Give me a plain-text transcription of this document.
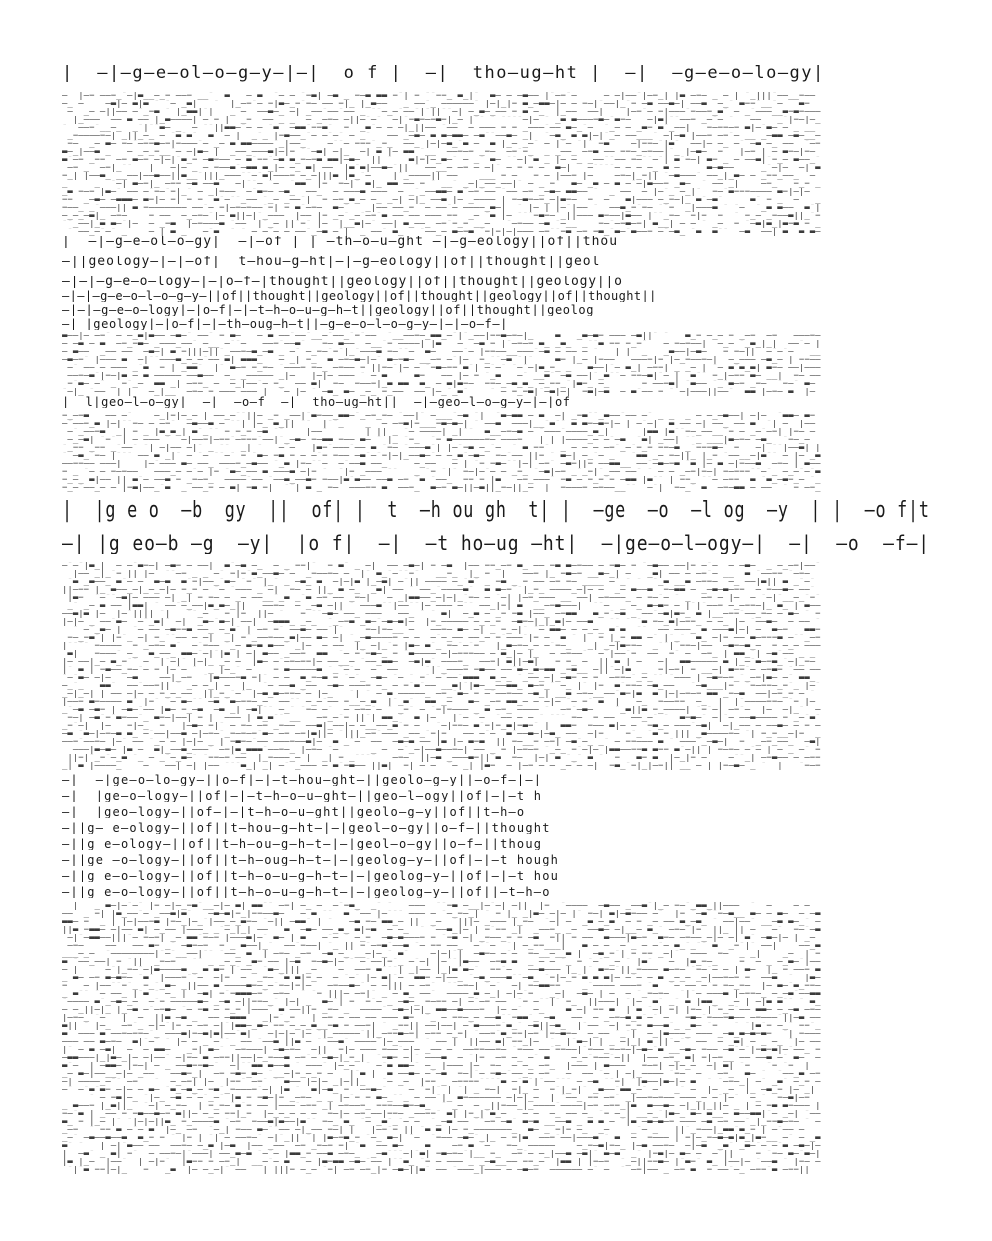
|  —|—g—e—ol—o—g—y—|—|  o f |  —|  tho—ug—ht |  —|  —g—e—o—lo—gy|
—‾ |—− ——−_¯—|▬__—_−‾——−‾__¯‾ ▬   — ▬ ‾¯— — ¯−▬| —▬ _‾−—▬ ▬▬ −¯| − ¯¯−−_‾▬_|¯  ▬— — —▬——‾|¯—−¯—‾    — —|——¯|—−_| |▬ —−—‾_‾— |‾¯_|||¯——__−——‾
—_ —  ‾‾—▬|— ▬|▬ ¯ ¯— _▬| ‾‾¯ ‾|_—−¯—‾−|▬—_−¯−— —— −|_ |_▬—— ‾‾_‾——¯_ ——————¯‾|—|_|−‾▬_—▬▬—|—‾—‾−—|¯——|_¯−‾—▬ ——▬—|‾——▬ ‾—_¯ ▬−−¯__¯—  ‾▬−‾‾
—  _—‾—||——‾—¯_−▬ ¯ |_▬▬|¯|   _ — ‾——▬—_ —|‾_——¯——¯—— _‾¯¯—_—¯——¯|¯||¯¯—| —_▬—_——‾− ▬ —_  |_——‾‾——|‾ ‾ |—−¯— −|———¯−——−_▬¯‾—‾_¯———__▬−▬−———
|_———  —— ▬ ——‾|_▬————| — − |  _−  ——‾_ _  — _—−— —||—¯—¯  —|¯−▬−—−▬−|_— |¯¯‾¯ ¯¯¯¯—|— ¯ _▬ ▬———−▬—¯▬−—   —|▬|¯¯——− _—¯— ¯‾ ‾——   _¯|−—|—_
¯‾ ——−¯__—_‾ _¯|¯¯▬— _‾ —‾¯¯||▬▬—¯— — ¯▬  —▬▬¯−−▬¯ ‾− ‾_▬¯— — —|_||—— ¯—— ‾—‾———‾− − _———¯—— ▬—_¯—‾‾¯_— — _▬−‾▬¯_——|  ‾−—−−—− ▬|—¯▬— —‾_ __
_−————−—| _||_—_ — ¯▬¯▬¯  ▬ ‾—‾|‾‾_¯_ |−▬——_¯— —¯—¯‾—‾_¯ ‾‾—— _—▬— ▬ ▬—▬▬— —▬¯¯——▬— _|‾ ¯—▬_ ▬ ▬|—|¯_—‾——___¯‾—|—▬ |——−‾—−¯—‾__‾_—▬▬ —▬—__—
−— ‾_— ▬— −—¯—−−▬—−|−———¯— _— ▬ ▬▬————¯_|——_‾  ‾—¯¯— −−−¯_−_  ——_‾|—|—▬_¯▬ —  ▬ |_— _—¯‾— |¯— ¯|¯ −▬‾ ‾ —|−−—¯|▬¯  ——|—‾—_ —¯ —▬ —_‾——  ¯—−
▬—_|——▬‾_ ‾ — _—_−__¯— —|▬— |  _——_———▬|—|−‾¯¯—▬|‾—|_ ‾—| ▬‾|— ▬▬ ¯__  ——−—− _−—‾ —−¯−_  _‾_——_ —−▬‾—— −−—_—−——|¯_ |—▬—  −‾‾ |—−‾| —‾▬−—|−—
▬¯—−‾_−−  —− ▬—− —|—|¯▬_− —▬−—— — ▬¯−−¯—▬‾▬_−—−▬‾▬▬|—▬— ‾|| ¯‾  ▬|−|—_▬—¯‾— _¯ ▬—‾¯¯—|¯▬ _ |— —_ _——¯¯—— −—¯¯—¯| ▬¯−—|‾▬−‾_ —‾——▬|¯−_— ▬——_¯
—− _  —−|_¯¯  ‾| ‾ —|— _‾— −——▬¯—▬▬ ▬_|—‾—_‾▬| ——‾‾|▬¯▬|——▬—¯||‾¯ ——__— —−‾— —|¯ — − − —  ▬—| ‾‾—¯¯¯¯—‾— —‾—_ ▬ —‾    ▬—▬——‾  ‾ _¯—|—‾‾—|‾▬
−_|‾|——▬_ __——|——▬——||▬__¯|||_———¯¯—¯▬|———−‾—_—|||▬ |▬_¯—    |¯_————|| —— ‾‾ ___ − —   − — |——− |—‾ ‾ —−—|_−|| ¯—▬———¯ ——_|_▬— — _−−_——_‾ —‾
_   ‾ _‾ ¯—|‾▬—−|_ —−− —▬ ——▬   —|¯¯— ¯—  ¯▬▬‾ |−‾ −—|¯ ▬|_‾▬▬‾—— − ¯ __¯ _—|_——_——|¯ — _‾−¯ ‾▬— _▬ — ▬ —¯—|▬——− _▬— ‾¯ ——‾_|‾   —−_   −_− _
_▬‾−—−‾|▬—¯ —— —¯−—¯−|_¯ —‾_|−——‾ —¯▬−— —▬_‾‾——_  —‾———▬‾———  — _¯_——▬▬—‾▬¯—−¯—— ¯—— —− _—▬— ▬▬——‾¯  _ ——  — |—¯_‾—_|¯ ‾−—¯▬−−−———— ▬−|—|—
−−  _—▬— —▬▬▬—‾▬−|— −| −‾−‾ ▬¯—¯¯_—— ¯_— _——¯|‾‾− —−_▬_— —_‾_—| —|_‾——▬‾|— _————‾| −—▬−—−_—|▬−—  −‾ —   ▬|——— —_−—|_ ▬¯—▬¯     ▬¯‾−‾_‾ —   _
−——_‾_¯———|| ▬ −——————— ——¯—‾−|—−—−——¯−| −‾▬¯—−—  ▬—¯‾  _|—— ——_−‾‾—‾——¯— ————_▬—|  ¯ |— | |—¯|—— ¯ ‾——▬_−¯−— ¯¯− ‾_|———▬ ¯‾¯— ‾¯_▬ ▬—— ‾▬¯|
—_—_—▬|_ —−—‾ ‾‾−‾—— ‾—_—−—¯|— ▬||—|¯_———  |——‾|− _—¯_—¯—−¯▬ —— —— ——— −−  _— ¯▬‾|— ¯¯¯−▬−—¯_||———‾▬−——|▬—— |¯¯_−—  −|−‾‾−  ¯ −_—‾_−——▬||_¯−
¯¯_——|_▬ ▬—¯|—  — _−▬ ‾|—−———▬ ¯—— ‾|¯_—‾||¯−¯ |—  |__▬|—¯ ——| ▬_——_‾—−¯−_−‾__— ‾‾¯—−——‾—▬ ¯—__ ‾‾ −—¯—−▬—−|‾▬__| — —‾¯‾_— ‾− ¯—▬|▬_|▬−▬ − _
¯‾——_—¯—¯ _   ‾—‾| ▬ _   —¯▬‾ ¯‾¯ —‾—¯— — ——¯_—▬ —¯|  _‾——¯ ▬_   ¯——_— ▬—−▬‾¯−|−|—|——— —−¯¯−▬ —−‾−▬_¯▬—¯▬——−‾—¯—▬_ ¯▬  ▬¯¯‾ —▬‾ ——| ▬  ▬‾▬—
|  —|—g—e—ol—o—gy|  —|—of | | —th—o—u—ght —|—g—eology||of||thou
—||geology—|—|—of|  t—hou—g—ht|—|—g—eology||of||thought||geol
—|—|—g—e—o—logy—|—|o—f—|thought||geology||of||thought||geology||o
—|—|—g—e—o—l—o—g—y—||of||thought||geology||of||thought||geology||of||thought||
—|—|—g—e—o—logy|—|o—f|—|—t—h—o—u—g—h—t||geology||of||thought||geolog
—| |geology|—|o—f|—|—th—oug—h—t||—g—e—o—l—o—g—y—|—|—o—f—|
▬——|— —−¯ — —_▬|▬—— —▬—¯ ——¯ − ▬—‾‾ — ▬ ——¯——¯__—¯——_¯−¯——‾ ¯__——−—_▬▬_—¯|¯_——|−−▬—−—|_  ‾ ▬‾  _▬—▬−‾———‾—▬||¯ ¯   ▬_− —_— − _—− ‾—−‾‾‾———−—
—‾—▬ — ▬‾ —−_−▬— _———_——¯ —__ —¯¯—  ‾——−¯——▬¯‾‾‾−—‾▬——  —__¯− ————| |▬   —  —▬ −‾|¯—−—− ▬_‾_▬_  _¯¯▬ −− −_−¯ ‾ —‾−—−——| ‾—_— ¯_▬_|_|‾‾——¯—‾|
— ▬——  _—— ——‾ —▬—|‾▬ −|||—||¯_——−—▬_—▬‾_ —¯ —_−—¯−¯|_¯———▬ −—¯¯—‾‾▬— ‾ ——¯—‾|−−——__———¯—▬ — —— — ¯   | |‾‾_‾‾ _▬——|—▬—  ‾−‾−—||  —¯—¯— ‾‾__
—▬—−¯ |——— ▬‾ —|¯¯———▬_—_—¯—— ▬|‾▬▬▬_   — _| −_‾ ▬ —−—▬—|—¯ ▬—−▬— __—−‾—¯|—  −_¯¯—▬ ¯|¯‾ ‾ ▬− |_— |−——  ‾———−|− |—_−——−—|  —_——— —▬_— | −−——
—¯ ——‾—‾——— _¯▬  −‾|‾_▬▬¯  |¯ ▬—−‾−_−— ¯———− −—_ —−——‾− ||−—¯|—‾— ¯−▬—−−¯▬¯|‾—¯—¯ ¯—¯—|▬_−_ _  ‾▬——|¯— ▬_| —−−| _‾_—‾| ¯— ▬¯▬_▬| ▬−—‾——|———
‾——−—▬¯|−—|▬ — ▬ —————‾——▬——‾ —_ _————— _|—‾ ‾|—|— ———‾¯‾— ▬  ¯ ‾▬− ‾ —— |—‾−‾¯_▬  ‾—¯ __▬¯ —▬ ——|¯_▬¯¯— −−—▬|¯— |‾ ▬¯¯‾−_|—−− ▬— __|‾ −— ——
−¯▬— —¯ _‾−¯_—  ▬▬ _|‾—−−_ —  —_|——¯— −_  —— ▬| ‾−—‾‾−——−|_▬‾▬▬  ▬_ —‾▬|▬−— ‾−−—_—▬_▬_ —_−−_¯|▬−_ —_  ‾ ‾ −‾——−▬|‾¯▬——‾¯_¯▬—− _−— ‾¯−—¯ ▬—
¯—|_ ¯——  | | ‾ —_|__  —−— − ——— ———‾| ‾¯—‾|—‾¯ —▬_‾▬— _—_‾−_——  —— |—_¯_▬¯  ‾ ¯‾— −_−▬|¯—▬|—|  −▬|—▬‾ — ▬¯—— − ¯ —|———||——¯ ‾▬▬ |—−— ▬‾ |—‾
|  l|geo—l—o—gy|  —|  —o—f  —|  tho—ug—ht||  —|—geo—l—o—g—y—|—|of
−_—−▬‾ ‾——‾—¯   ‾—_|−|—_— |‾——_—¯¯||— _− _——|¯▬−——_▬▬—¯_—−_−— ¯——|¯ —___¯—▬‾¯|  ¯▬—▬▬ —‾▬  —|‾_−▬¯¯_▬——¯—— —¯ _ _ ‾_‾— —_—▬——|‾—|—‾‾¯▬▬— ▬−
—¯——−_▬ |—|¯¯−— —‾—−¯ ‾—▬——▬‾— ¯¯| |—_‾▬_||‾¯¯  |¯¯_ ‾ ‾_  — —−▬|−___−▬—▬—| ¯ ——▬  ———|__¯▬¯¯ ▬ ▬−—▬−|— | —¯—|‾ ▬ ——‾—|‾——_‾——‾▬  ¯| — ‾|——‾
‾—¯_——−▬ ‾_|‾− _ |▬_▬_|‾▬¯_¯¯ − −_−‾—▬ ¯¯  ‾ |——¯‾ ‾ ‾  | || _ ¯— ————|‾_|¯¯ ‾▬__—−—▬ — ¯———¯————_▬_|    ‾‾|▬▬ |▬¯¯−—_——__¯−‾—‾_—¯—−| |−— —‾
—_—▬|‾¯−¯ | — ———‾¯  —|——−|—−−¯—−−−¯——|¯_—▬— −—▬▬ −—— ▬—‾¯‾|_ ¯−_ ‾¯− ▬——————−—‾———−‾ ‾|‾| |————_—‾—¯—▬  ¯▬|‾_——| ¯¯_ ___|▬—−— —▬_  ¯−—_— ‾
¯_−−‾_−−‾_¯——¯ ¯|‾—|——‾—|¯ _ ¯¯  _| ¯‾  —¯— ‾‾|▬−¯———¯—— ▬ ¯−— ¯———▬¯| |—¯−▬ —_¯—‾‾¯‾▬ −−¯  _ — —‾— —−¯_—¯−_− −−—▬ _¯−−−▬—¯ − ‾‾—| ¯¯|——▬|‾|
¯‾—▬_¯−— |¯¯¯ —— ▬ _|¯ — ¯—‾¯¯—¯ −‾¯▬— −▬ − — —¯−‾−—— —▬¯—¯−|—|_——▬—¯— —_▬¯—▬— ‾−—¯—— ||− ¯‾▬—|‾—_¯—‾_   ¯▬▬ _—‾−—||_ |_−‾¯——__—|▬¯¯ — |— _▬
——−−—— ———|‾‾ ‾|—¯———‾▬— ——_‾———−_—▬—— ¯_▬‾|−—¯¯—‾ —¯——▬‾——_  ‾‾‾—_—— ‾ — | ¯−‾−▬—¯¯|—| —−¯‾—▬−||− ——▬▬__‾——¯—▬—−▬ ¯▬‾|— ▬‾—|−——▬  —−—‾| ▬——
−‾_ ¯— — −—−——‾ ‾———_—‾—¯— |− ¯▬—_—— ▬ ———▬ —|−‾¯  ¯|− _——— ¯¯‾  _ ¯− ¯|¯ −—|—¯— — _−_‾¯—▬|—−‾_¯_−|¯_——‾——¯ ¯‾— — _—−|−—| −—−−−¯¯—¯_‾—_—¯—¯▬
−_—_ ▬|——‾|| ▬¯—‾——▬ − _−—−_  ————¯—— ¯——▬_——▬− −——|▬¯▬——‾——▬ —− ¯▬ ¯——_‾‾−−‾− |▬   —−_———¯ −▬ — −_−¯− —▬▬ |▬¯¯ | −−_ ¯¯— —−−‾ ▬‾¯▬_—▬−_—‾¯_
−_—¯——_—‾— |−▬|——_¯▬‾ _‾——_− — ▬|‾−▬ −|‾ ¯¯|‾▬ _ −— ‾———−− ▬  ——−_  ▬—−‾▬—||—▬||_−—||_—  |  −———− —−——__¯¯  —¯|  −—_¯‾▬  —−—▬▬ — —— ‾¯ −‾—−_
|  |g e o  —b  gy  ||  of| |  t  —h ou gh  t| |  —ge  —o  —l og  —y  | |  —o f|t
—| |g eo—b —g  —y|  |o f|  —|  —t ho—ug —ht|  —|ge—o—l—ogy—|  —|  —o  —f—|
—¯—¯|▬_| ‾— —¯▬−—| —▬−‾— ——|  ▬¯—▬ —_ ‾— _‾−−|¯  − ▬¯ _ —|  —— —▬—| − —▬ ‾|—— −−_—− ▬_ ——‾−▬ ▬—−—— — −▬—‾− ¯—▬—— ——|−‾—¯—‾ — —▬—‾ _ —_—−|——¯
‾|——‾_|_¯−‾||‾|—‾ ¯¯—− _ _ —¯‾−|−¯▬_——▬—¯— ‾_−——−—‾—‾‾|¯‾▬_¯—¯¯−¯ ‾ __−_  |_ −  |‾  ——−‾|_‾−▬—− __▬—_| —‾  _▬| —— — —−¯—‾__  ▬ ¯——−− ¯—−—
‾¯▬ _▬——_ ▬¯—‾—‾ ▬—▬ ‾▬¯−|——_¯▬— ¯−¯ |_¯ _‾—▬_ ▬‾ —|—|▬ |_—▬| —¯||‾————‾—_¯▬¯ _ −▬ _ − ——‾—−‾−—‾____‾—¯_¯ ¯‾ ¯_▬‾__▬‾—−−—  —_‾——|▬|| ▬ _¯—¯
||—−− |_ ▬——_—|_—_—|— −_−‾— ¯— ¯——— _¯—|‾ −— — ||_ ▬ —_‾ _▬|‾—— ¯‾——_¯————▬¯  ▬ ▬—−¯¯|_−_ ————_—|—‾— ‾_— ▬——▬  −—▬▬‾—‾_—▬—▬—−−  — −——▬— ——¯
|▬−  ¯—¯¯—▬|— ———‾—|‾_|‾− −— — _— ——__¯_▬ _¯▬‾—−¯——‾_−—|  ‾— _|▬▬——_—|—|_¯−— —‾¯—| |—−_——— __‾——| —−———_‾—‾−—¯— ¯ _  —− —‾|—  —‾¯—|¯__—_¯−¯
‾_¯‾_— ▬ —— |▬▬| ¯ ——¯—_——|▬_▬—_||   ——−—‾ —‾_—▬‾—|| ¯ ———▬¯¯|——¯¯|— ——— —¯¯‾——_|−| ▬  __—−▬———|  ¯¯—  _‾—_ ▬—▬− — |¯|¯——− —_—−−—|_‾▬_ | ▬——
——▬|▬ |—  |—¯||||‾¯|  ‾¯¯_—‾  − |−‾‾||— ¯   − ¯¯—▬—¯——_‾———‾  ——_ ¯‾¯‾▬|  —_▬‾— _− −▬‾|——_‾—−▬▬   ▬_−¯—▬ _‾——¯—▬|▬−_ ▬ |__—−−¯——_−—‾— ▬—‾¯ −
|—|— _ ——¯▬—‾ —¯_▬|¯ —|  _▬—¯▬—|‾——| ‾—▬▬▬_ _—_‾ ¯_—−▬ _▬—¯—▬—▬|— ‾|−_————— —_—_−‾ —▬−—|_|_▬|— ——▬‾  ¯¯‾¯‾¯▬ −—_▬|—−−_ — —_‾|—‾¯——▬—  —‾—— ¯
‾¯ —¯_▬— |‾ ¯— —— —▬−−▬ ——_‾—_▬¯ | —−‾−¯ ——▬— ——¯|¯   ‾−—|−—__ —   ——−— ▬— —|‾_ −_—|¯ ¯—‾▬▬— — —_—_ ▬¯▬  ¯¯‾ —— ———_ ▬‾———▬|—|‾—  ▬—−   ▬▬−
−—_−▬¯| |−¯_‾—| −_¯¯—— —‾—|  _| −¯_——−——_▬|—— ▬— —| ¯_—▬————− — — ‾—¯—_—— ——_— −¯———¯|− —‾ ▬ ¯ |‾ − |_−‾▬▬ —¯‾|¯_¯  ▬_ —|− —— ▬—−−−▬ —¯¯_—−
|¯¯¯¯ −————  −‾_—−— ▬¯‾ —¯−—— ¯_—‾▬−▬ ▬——¯ _|—  — ——‾ |_ —|_¯− |▬— ▬¯_‾−—¯—¯−   |_▬—−—_— —¯−—_   _| _—|▬−−—‾‾_¯¯|¯−−—|—— ‾—▬−—▬_— ‾− —_— ———
▬|‾‾ −———¯ —_‾ ▬_——_‾▬▬—¯—|¯|▬ | —|‾▬—— _——− ‾▬▬ ‾¯— −¯−▬—_ − ¯▬————‾—|—−−−——‾— ▬_|— |_  — —−——¯‾ —¯|——¯− ‾—— ‾−¯ — ‾—−_ | ▬▬_¯|‾—▬¯——‾_ _‾
|— ——|_— ▬_−¯¯ —  |¯—|¯ |—|_ _— —‾ |▬— —¯—−—−−|— ——__—‾¯——_▬▬—‾‾—▬|▬¯ ———−_ ‾——−|‾▬||—▬|   − −_ —‾ || ▬ | — ‾‾—|‾ ▬▬—————‾▬ |_—¯▬—−▬_¯—|_−—
|¯ ▬‾| −▬——_−—¯—‾−‾|—¯— ¯  _ |—_¯ —‾   −‾▬—————▬‾¯_¯—¯—  —  ——     ¯|¯_———−‾−▬——‾——¯▬—_▬−▬▬ _−▬__ —||¯—|▬  _  −|—−| − __—| ▬−−¯— —−▬− ¯—— ——
¯—¯▬—‾—|—   —▬  ‾ ——|_—− ‾¯|▬———−▬ −|¯ — —‾ ▬_−—▬‾− ¯—¯_ —▬— ¯— ¯ −¯ —¯——¯▬▬▬‾ ▬_—_ ¯_——_—|_—▬− — −  —−−—¯_—_¯¯ ¯——— |‾—▬−—−_¯_—−|▬—‾—¯ ▬▬_
—_¯_   ▬▬¯‾‾——¯——−||‾¯ _— —_| — ‾|_  ¯—‾——▬ _——  —▬—‾———−‾—_‾— −¯▬¯——‾__▬|¯|▬—__——▬▬_ ▬—−_¯‾—_‾|¯ |−‾ ▬¯−−—‾—▬_——‾ ‾¯—▬___|−  ¯−—−−—_−¯_‾|—¯
_—|_—| | ——‾—|—‾— −_—_——  ||_−_¯—¯‾|—▬_▬—−−—¯— |—_‾  ¯|‾¯ — ▬‾—————_ —−_¯▬— −‾—¯——−——‾—▬_| __▬ —−—__——¯▬−|▬ ‾▬ |—|—−—− ▬▬‾_−—▬ ‾——|—−_− — ¯‾
|——− ▬−———— ▬¯‾|−¯‾¯— ▬—¯¯‾—▬‾¯▬—−−—_—‾ ——¯¯‾—_—¯——‾−__—_▬‾ |¯_▬¯ ‾▬▬‾_—‾‾‾▬— _—− ▬▬_— — —|— ¯— −¯ ▬  | ‾ —_‾‾−——−−‾ —_‾ |  |¯————−−—‾¯−‾|—
_¯—▬‾—▬− |‾—▬—¯—— |▬—‾−_—▬‾ —▬ _|‾—▬|¯¯ —_¯ ¯−—‾—¯‾ —‾—−—¯— ¯‾_−¯ —‾¯−|−——— _ ▬ —−_‾———— ¯ ‾—−¯—▬— ‾ ‾¯_▬||▬ −_————|‾¯−¯—|‾—−¯—‾ |—  —|_¯‾‾—
‾−—| —▬¯−¯▬−——¯_ ▬−—|——|‾− |  ——— | ▬_▬¯¯ __   —−_—¯−‾||¯|‾▬▬_¯‾ ▬ |—   |¯— ¯—‾ ¯——‾— — ¯‾¯¯¯ −—‾ −‾——  ‾——_—¯‾¯  ▬−▬—¯‾—|¯— ——▬———— −‾_—¯▬¯
_−¯—|  |—   −|—_  − ‾ |—▬—‾−|¯‾— −— —− _−——  ——▬|_——|— —__——_▬¯− —‾  ¯—|−−—‾▬¯−|−_▬|−▬−¯‾|  ▬▬−‾ −——‾▬|— —‾‾−▬_— ———¯—▬|  —|_—— — ——▬— —‾− —
—▬‾¯▬—|—−—▬ ▬_ —¯——|——▬ —|—−—¯_−—−—−¯▬—‾—− —−|▬||— ¯|||_—−¯——— _——_¯−|−‾  —— —¯—  ▬¯——▬—|—▬_ ——‾ —|− ‾‾ −¯_‾¯▬ − ||| _▬————−—‾¯| −_−__—|−  _
——−¯——−—‾|—¯‾——‾¯_—¯— |—|—‾_ | −▬−—¯—— ———−——▬|—  ▬ _¯—‾‾——  —▬—▬ ——‾|▬ |—‾▬−▬  || −—__− —−| —▬¯—_ _¯ — −−——— ▬ ¯ ———¯_—▬—|‾ −  _—−_——_ ‾—▬|
‾ ———|▬—▬—‾|▬ —‾ ▬|_——▬_———¯ —−|▬_▬▬▬¯——−—_ |—−—‾¯—  ‾   _ —  —¯_—|——▬——−—| —— _‾−‾|—−—− ¯_—_ −¯—|—‾|▬▬——−−▬‾▬−− ▬¯—||‾| −—−— —¯— | —‾_ —¯ −
||−|¯_−¯—_▬‾¯_‾— _¯—_▬—¯‾¯−−—−¯——‾‾|_−———_— |‾ _| −‾_¯¯¯¯   —−—‾ ||—▬ _———▬−||¯▬  −—  |—| ▬‾¯_¯ ▬ ¯  −  ‾▬− ▬ ‾|—_|−‾—   ‾—¯¯_| —−▬—— —‾—−−
_|‾▬‾|————_    —   ——| —|‾|——‾¯¯¯▬_| _| —¯ _——— — ▬¯−▬—— ||▬| ‾−| — —‾‾¯— _|‾|▬− ‾— |—− —‾— _—¯—‾—|  −▬_¯−|_|—−||‾__‾— | |−—▬— _ ¯ ‾|‾‾ ¯−—−
—|  —|ge—o—lo—gy—||o—f|—|—t—hou—ght—||geolo—g—y||—o—f—|—|
—|  |ge—o—logy—||of|—|—t—h—o—u—ght—||geo—l—ogy||of|—|—t h
—|  |geo—logy—||of—|—|t—h—o—u—ght||geolo—g—y||of||t—h—o
—||g— e—ology—||of||t—hou—g—ht—|—|geol—o—gy||o—f—||thought
—||g e—ology—||of||t—h—ou—g—h—t—|—|geol—o—gy||o—f—||thoug
—||ge —o—logy—||of||t—h—oug—h—t—|—|geolog—y—||of|—|—t hough
—||g e—o—logy—||of||t—h—o—u—g—h—t—|—|geolog—y—||of|—|—t hou
—||g e—o—logy—||of||t—h—o—u—g—h—t—|—|geolog—y—||of||—t—h—o
|  ‾_‾▬—|—¯—¯‾|− —|—_−▬¯__—|—‾▬| ▬▬¯¯‾—−| —_ —‾ —¯−▬_  _¯‾¯‾‾ ———  ¯¯−▬‾—__|—¯—| —||‾ |− ‾¯————‾‾—▬—— _——▬¯|_—‾−—¯_▬▬_||———  ¯‾‾— ‾‾‾— —
——‾ _ −| |▬_——¯— _——▬|▬¯‾‾ —▬—▬|−_|−−——▬—‾ ‾— ▬ ¯¯‾ ▬‾¯—— |—¯¯¯ ———‾—‾¯—_−—_|‾¯ − |_ _|▬— —|— |¯ −—| ▬|—▬−——‾—¯  |−‾¯—▬¯¯−—▬__ ▬— — ▬—  — —▬
▬▬— −‾‾_‾| |—|——−▬ |−—_|—_¯|——_—_▬−— ¯—|| —▬▬¯ |‾¯ ‾‾—▬ −—¯▬▬_— ||‾‾_—‾ ¯|||— _——— |_−—‾‾¯—| —‾‾_▬‾—_▬  — − _— ——‾▬_—▬_‾¯‾——|——¯‾__—▬‾▬—_¯ —
||▬‾−▬▬—‾—|—— ▬| —_——‾|———_ _¯—_|_|‾—— ‾‾▬  —▬—‾——_▬_ ▬|−▬  — —_‾ ¯ ¯——▬_|— | −¯−− _|‾‾_——−_‾_—  ——▬— —|__— ▬_¯‾—−—¯|−‾‾||_ ||‾—‾  —¯ ‾−—¯—▬
—|¯—▬▬——|||¯—‾−—−| _— ▬▬¯−—−‾|———▬|—¯ ▬—‾| ▬ ‾‾—¯— ¯‾—_−  —▬—▬———− −‾¯−▬ —| _−——_− −‾—▬‾ −||‾− ——‾ ▬———|▬—−  ▬−— —−——_—|— —| ▬¯ —▬—|— | _—‾
‾—−—   ‾——   ——‾▬− _¯‾—▬−—−  − _ ▬——|_¯‾‾——¯−——|‾¯_ || −¯—−▬¯——▬‾¯—‾−− ——_  —¯¯—  ¯| —_−−___| ‾‾▬ — —  —¯_ — —¯— ▬_¯_¯¯ ▬‾ _−¯|¯ ——|‾ ‾ ——_▬
___—_— ‾¯————————|¯—¯__——|¯¯ ¯——_ ▬ ‾| —−— _—− ‾—▬ —_ __—|—_¯ ▬¯‾   —|—|¯| ‾—▬−—‾—¯—  −—__—__▬ | ‾—▬_−¯| − −− _—|¯‾ ——— ‾−—  _ _| ‾  _—  | −
▬ ¯——_——| − ¯||  _−—−‾‾ ¯¯ _ _—_—‾_▬− ——‾|—▬  −—▬—|—¯¯ —¯——|−¯_ —¯—| |—¯¯|▬——  —−▬ ▬‾‾_ — —‾¯_ −‾¯—¯‾_—‾¯‾|▬¯  ‾—‾‾|▬_−—_‾  ‾−‾ —‾_ —_▬—¯|——
—‾|‾  ‾ —¯|_−—¯—|▬————▬‾_ ▬ ▬− |¯——_‾¯▬—_||| _—‾‾ ‾—‾‾——− ▬¯¯¯|‾_|—— |_|▬¯▬—¯  −−¯—  ‾——▬———‾|_‾|¯ ▬−—¯||_−——— ▬—−—¯¯−—¯— — | ▬—  |_ −‾——−‾▬
_‾▬— —− ▬—▬−—‾¯▬¯ |———−¯¯— ‾—|− ‾— ‾_−— ¯▬‾▬|−_—  — ¯—¯ |— ▬|¯—  ▬▬− —|——_ ¯—▬_———▬¯¯—▬_ ¯−|—_−¯▬ ▬ ▬|— —¯— —‾▬ _—_—‾_—|——−—−‾−  ——▬ ‾¯‾ |▬—
−   — |——¯¯−¯_ −_¯_▬— _||—— ▬‾————▬−—_—¯−—|−|— ‾ —−——▬—¯ — —||| — —−¯ ‾¯¯—−—|‾¯—¯‾ —| −—▬▬−− ‾  _¯———— ———−‾¯▬‾ ¯— ——‾—¯−‾−—_−—‾ |— ▬—¯▬_−−—
_ ▬¯¯‾¯—‾——_‾|¯▬ ¯ —_ | ‾—▬| −¯−▬▬▬—−¯ —−— ‾¯ ¯− |||— —−|¯ _ — ▬_ ——¯‾ ————_▬‾—_| —|—¯−   _—|  —▬— |‾—  — ¯_−—−—  ¯|¯— ———▬ |—−−—_ —_—▬¯——▬▬
¯———— ▬¯_—▬—_—  —¯− —————▬—‾_—▬ —||−−—_¯ |—| _ ‾▬—¯| − ‾−¯— _‾—▬—_ −—−− —| —¯—−‾—— ‾¯−‾—¯¯|¯ −_  ||———| ¯|—‾ ▬¯ _¯‾▬‾|▬▬_  _—‾|‾—|▬‾▬¯¯ ¯ ▬_
—‾—_||—|_ |_—▬ —¯—−▬— ¯—‾−▬ —‾−_− |———¯ ▬ ——||−‾_−— _‾‾————¯ —▬—|—|_ ▬▬——▬———−‾ |— —¯ ‾—_ ‾ ‾▬‾—| −−‾▬‾ | ▬ ¯—| −|‾|−— |¯−_—¯—— ▬▬—‾—_—▬ —−—
|—−—_ ¯— ‾ |‾ —  ||▬‾—▬‾_ ‾—— —▬▬▬‾  _|−¯_−‾ ‾|‾—− —‾—— —— ——— ▬− ‾¯_ —‾−−—_— ——▬¯¯−▬▬¯_‾—▬‾ ‾—— ‾— _—−—▬_▬¯—¯ —   −▬—¯−——−▬—— —−———¯||—▬ ——
▬|| ¯ |—_‾ —−¯_ —|—¯|− —‾—− —|¯|▬▬—_▬—¯−−¯—_—_▬__−▬‾−‾——−|‾¯ _−−||‾——|——| —¯▬———−¯▬_¯‾—▬||—▬_‾ |¯——  —|‾−_− ▬——▬¯_‾_▬— ¯−  ‾¯ ¯|▬¯− —_¯ −−¯_
▬  ——— ▬ ——−—−−—¯_ ———▬|−—▬|▬|——¯▬| ‾ —|—|— |— ¯|_—————¯||_—−−▬—−|‾—−− —_−| ¯——−¯▬_−−|—−¯|−—▬−—‾ —_—— ¯_¯|  —_|▬———_ ——— _—▬_▬—▬−▬−‾ ¯|‾−———
———‾—— ▬—−—‾‾▬|¯—¯ ¯ |— — _‾—¯¯_‾—— ¯——▬ ||▬ — ¯¯——▬¯‾————¯|—_———¯‾¯‾——‾|  ||—— ▬|‾−−_|—  ¯_‾|¯▬—| |‾_ —|_|‾▬ ||¯—¯¯ —— ‾—‾_▬|‾— _ —_‾¯|— ——
|¯ —‾▬‾—▬|  —  — ▬▬—   _−| ▬—¯‾ —−———| —▬—−—‾ —||  −|—‾——— −——¯—|— _—— —‾‾——−−——−—‾¯−——‾——¯−−——|¯−——_−—−—|—▬—¯▬ __—▬—‾−—— —▬¯—¯|−▬−▬|—¯——_ −
—▬▬———|_|▬—_|—‾—|——¯ —|−—‾▬ —−−||——|—_−——▬ —−¯—¯—▬—|_−_|  ¯−▬−‾—|¯ ———▬ ‾—‾¯|−  —−‾—_ —¯‾▬  ‾ —_—¯−——¯—||  |—— —−_ ▬|‾−|—−__ —— ——▬‾—¯ ▬—‾‾—
▬¯—‾ |‾—▬▬— |−—| —‾_ ——▬−−▬—¯‾ —|¯¯▬▬‾▬——▬ ¯ ———¯‾|—_— ‾¯ —¯▬ ▬▬—¯ —_ |———‾|—  −— ‾— —_‾—−_  |——— | ▬———  ‾−—−|‾—|—_—‾‾—| ▬| ¯−  ‾¯−‾¯−‾‾|‾‾
_—‾▬—|——__—|— _——  ‾——▬−_|  —− −▬−_▬— ¯__—|−_—_−‾—  ‾|¯▬‾| ‾▬ ——▬— —¯—▬  −—|¯— −▬—¯——_—‾—−   —‾ —— ¯—‾|‾—|_———— ¯−—  —‾‾ —−_ ‾▬—‾¯‾ ¯——_▬‾—−
—| ————_—¯¯ —−   ¯‾ —_—−|‾|—‾ |−−¯‾—−¯‾¯‾▬—— |—|— _|—||_   ¯—‾_—  |−− _‾—−−−−¯¯¯¯▬‾—¯▬¯|¯——¯¯¯‾— —▬‾¯¯−| ¯|▬——|▬—|—‾▬  ¯‾¯—−—_| —¯‾_▬¯ —_− —
—¯ —¯▬¯▬−‾—|—‾—‾▬— ¯▬_—▬_— −▬¯_−———−¯—| |▬‾¯ ‾▬|—▬_‾− ‾—−▬—¯   ‾—‾¯−|¯‾| ¯| _ −—|  −|_ —  −¯|_−|¯‾_▬——¯▬▬_—¯ —  ‾_¯ —  |— _—‾ |_ —▬_− |— _|
‾    ¯ —‾−▬|—_ ¯|—_ —▬‾—¯—¯_—¯ |▬ − −▬—|−‾_—−— _ _‾|—¯− −‾▬—_¯¯_ — ——¯|_ ▬−—————— —|—|_—‾‾|‾¯——_ −− —−¯ _|——−—−—— ———_—‾—¯|—¯  —_¯  −—▬|—− ‾
_ ▬——− |_▬||_  ¯—| —_−— ‾| −_−—¯▬¯− —— |———¯—−− _| —−——−_ −−−——▬−—▬_ ‾¯‾_—  —‾_||−——_|_————¯————|—− —−−_|▬  ▬——▬— —|_||_||— _‾| — −▬ ▬−———‾|
−—¯▬ |‾_—— −‾−▬——▬—− ▬||—‾—_— −−|_−  |—_—_— —‾—  −—|— —−_——|−−— _——−−¯ ▬|‾|−_|¯▬_—‾‾ —‾—  —_ —— —_‾¯− —_| __—_¯|▬—_‾▬— ▬__— ▬——▬▬|¯— _—|‾¯——
▬_‾− |_— |¯ ¯|—|—||▬_ −_————▬ ¯—−  −——▬|▬——|▬¯¯‾−—_¯▬_ ¯—‾_▬¯_¯— — ‾¯_—▬ —— ¯¯—− —▬¯ ▬−▬ __——▬‾_ ▬ ▬‾—‾¯|▬ —▬—▬—−‾———‾—▬‾—− ——¯_|_−−▬—−—‾¯ —
_—− ‾¯ −− ▬‾—¯— ▬ ‾|—_ —− ‾¯—_|‾−—— ▬—¯¯—— —|_—— −—|‾|   |—−¯− ||‾¯▬ ▬‾|— −_———————_ ‾▬— _ −|−‾—_  _—   ‾_¯—‾_   ||¯_−——|_▬▬¯▬_− |‾—¯—— —  ‾
_—¯ —▬——▬——▬‾ ▬_− − ¯‾|− |‾¯| — ——−—¯ —|¯_|| ¯|‾|▬—−▬_− ¯—_‾▬—|‾¯—‾ ¯−——‾—▬—¯_|_ — −|▬  ——−¯——|———▬ ¯ ▬ ‾— ‾−——— |‾−|—_−—▬—▬|▬_|▬−__‾—¯ — _▬
▬¯ ¯‾‾ |‾—|¯▬—— ——‾ ——−— —_▬‾|—▬  |—— _——  —−‾_−—− −| ¯▬‾‾——‾▬—‾   ▬‾ ‾ —−‾▬ ¯—   −—_‾————— ‾  —_−—▬|−—_ |—▬‾——−—  —|—▬  _▬¯‾_▬—¯— —¯▬‾—▬—|—
|‾ —▬¯ _‾▬|‾−¯  — ——−—|¯———|‾——_▬—▬‾¯—¯— |▬▬_− ——▬ —−—_‾‾_—▬¯¯¯—|¯▬|‾−▬—−—¯|__‾−_‾ —−¯—‾—_|——▬ —▬|¯ ▬—▬  _¯‾|−▬|— ▬— —  —¯||‾  ‾− ¯−— ▬—¯▬—|
|▬ |_—‾ |——¯ ‾| —|−¯ ‾|▬−− − —−_|  __—¯— ▬   — |▬−▬▬ —▬—¯——‾|¯¯▬_ ¯−‾— ———‾_ _—▬__—— −−_—‾‾|▬▬ | |−—−‾ ¯_—||−−▬—‾|¯▬−¯‾▬_ |——|— ¯——▬ ¯‾|−—‾—
‾¯|¯▬ −−|—|_ ‾ −  ‾_▬  |— —_—|¯ ——   | |||− —_—‾¯−| —− —−_|−‾—▬—||▬¯ —— ¯———_|———‾—‾—▬—−  —————— —¯‾—  ¯ —−|—— _ —− ▬‾‾− ——¯—_‾—−−¯▬ —−−||‾‾
